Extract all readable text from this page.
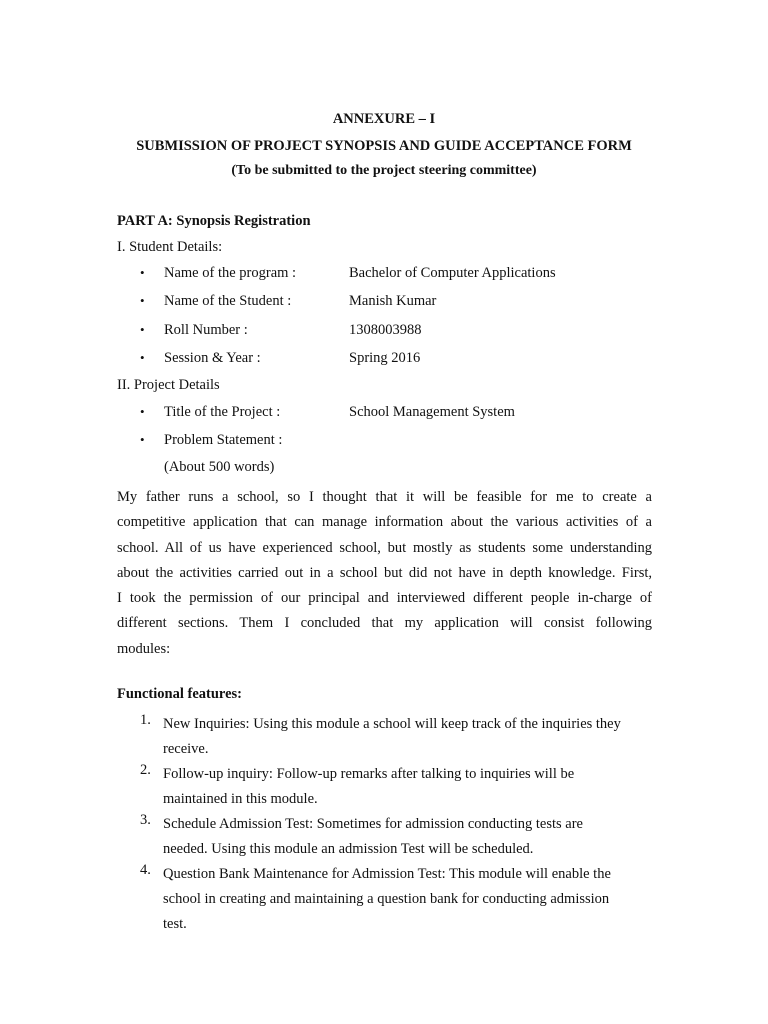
ANNEXURE – I
SUBMISSION OF PROJECT SYNOPSIS AND GUIDE ACCEPTANCE FORM
(To be submitted to the project steering committee)
PART A: Synopsis Registration
I. Student Details:
• Name of the program :	Bachelor of Computer Applications
• Name of the Student :	Manish Kumar
• Roll Number :	1308003988
• Session & Year :	Spring 2016
II. Project Details
• Title of the Project :	School Management System
• Problem Statement :
(About 500 words)
My father runs a school, so I thought that it will be feasible for me to create a
competitive application that can manage information about the various activities of a
school. All of us have experienced school, but mostly as students some understanding
about the activities carried out in a school but did not have in depth knowledge. First,
I took the permission of our principal and interviewed different people in-charge of
different sections. Them I concluded that my application will consist following
modules:
Functional features:
1. New Inquiries: Using this module a school will keep track of the inquiries they
receive.
2. Follow-up inquiry: Follow-up remarks after talking to inquiries will be
maintained in this module.
3. Schedule Admission Test: Sometimes for admission conducting tests are
needed. Using this module an admission Test will be scheduled.
4. Question Bank Maintenance for Admission Test: This module will enable the
school in creating and maintaining a question bank for conducting admission
test.
